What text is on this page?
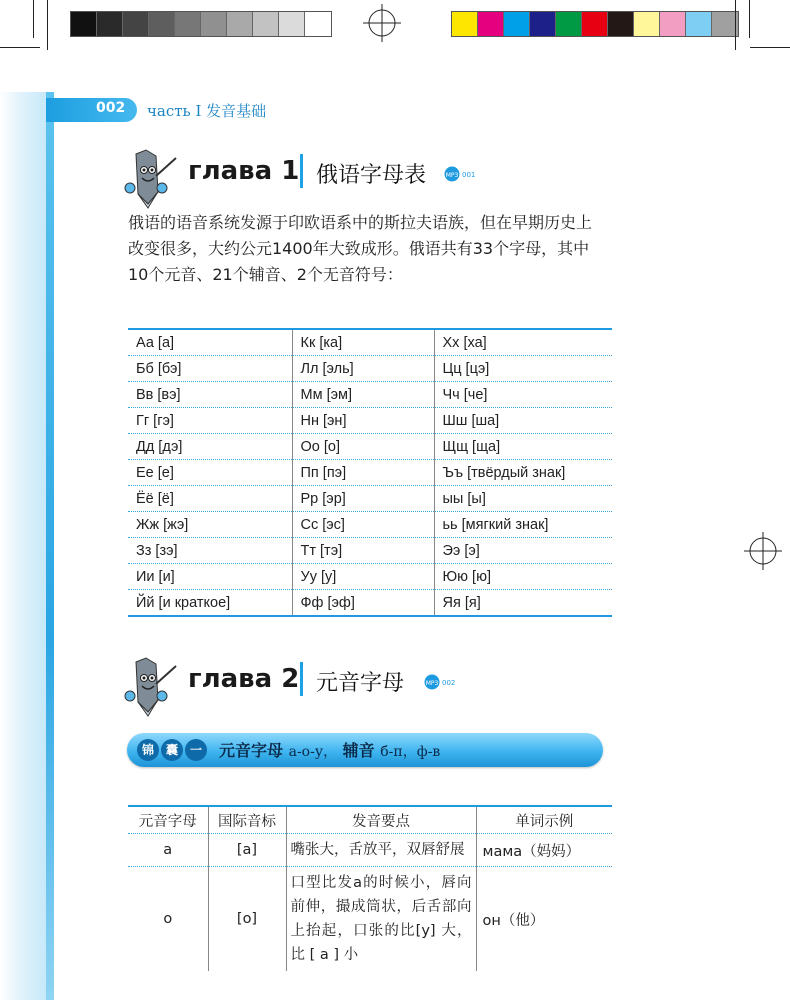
002 часть I 发音基础
глава 1 俄语字母表	MP3 001

俄语的语音系统发源于印欧语系中的斯拉夫语族，但在早期历史上

改变很多，大约公元1400年大致成形。俄语共有33个字母，其中

10个元音、21个辅音、2个无音符号：

Аа [а]	Кк [ка]	Хх [ха]
Бб [бэ]	Лл [эль]	Цц [цэ]
Вв [вэ]	Мм [эм]	Чч [че]
Гг [гэ]	Нн [эн]	Шш [ша]
Дд [дэ]	Оо [о]	Щщ [ща]
Ее [е]	Пп [пэ]	Ъъ [твёрдый знак]
Ёё [ё]	Рр [эр]	ыы [ы]
Жж [жэ]	Сс [эс]	ьь [мягкий знак]
Зз [зэ]	Тт [тэ]	Ээ [э]
Ии [и]	Уу [у]	Юю [ю]
Йй [и краткое]	Фф [эф]	Яя [я]
глава 2 元音字母	MP3 002
锦 囊 一	元音字母 а-о-у， 辅音 б-п，ф-в
元音字母	国际音标	发音要点	单词示例
а	[a]	嘴张大，舌放平，双唇舒展	мама（妈妈）
о	[o]	口型比发а的时候小，唇向前伸，撮成筒状，后舌部向上抬起，口张的比[у] 大，比 [ а ] 小	он（他）
